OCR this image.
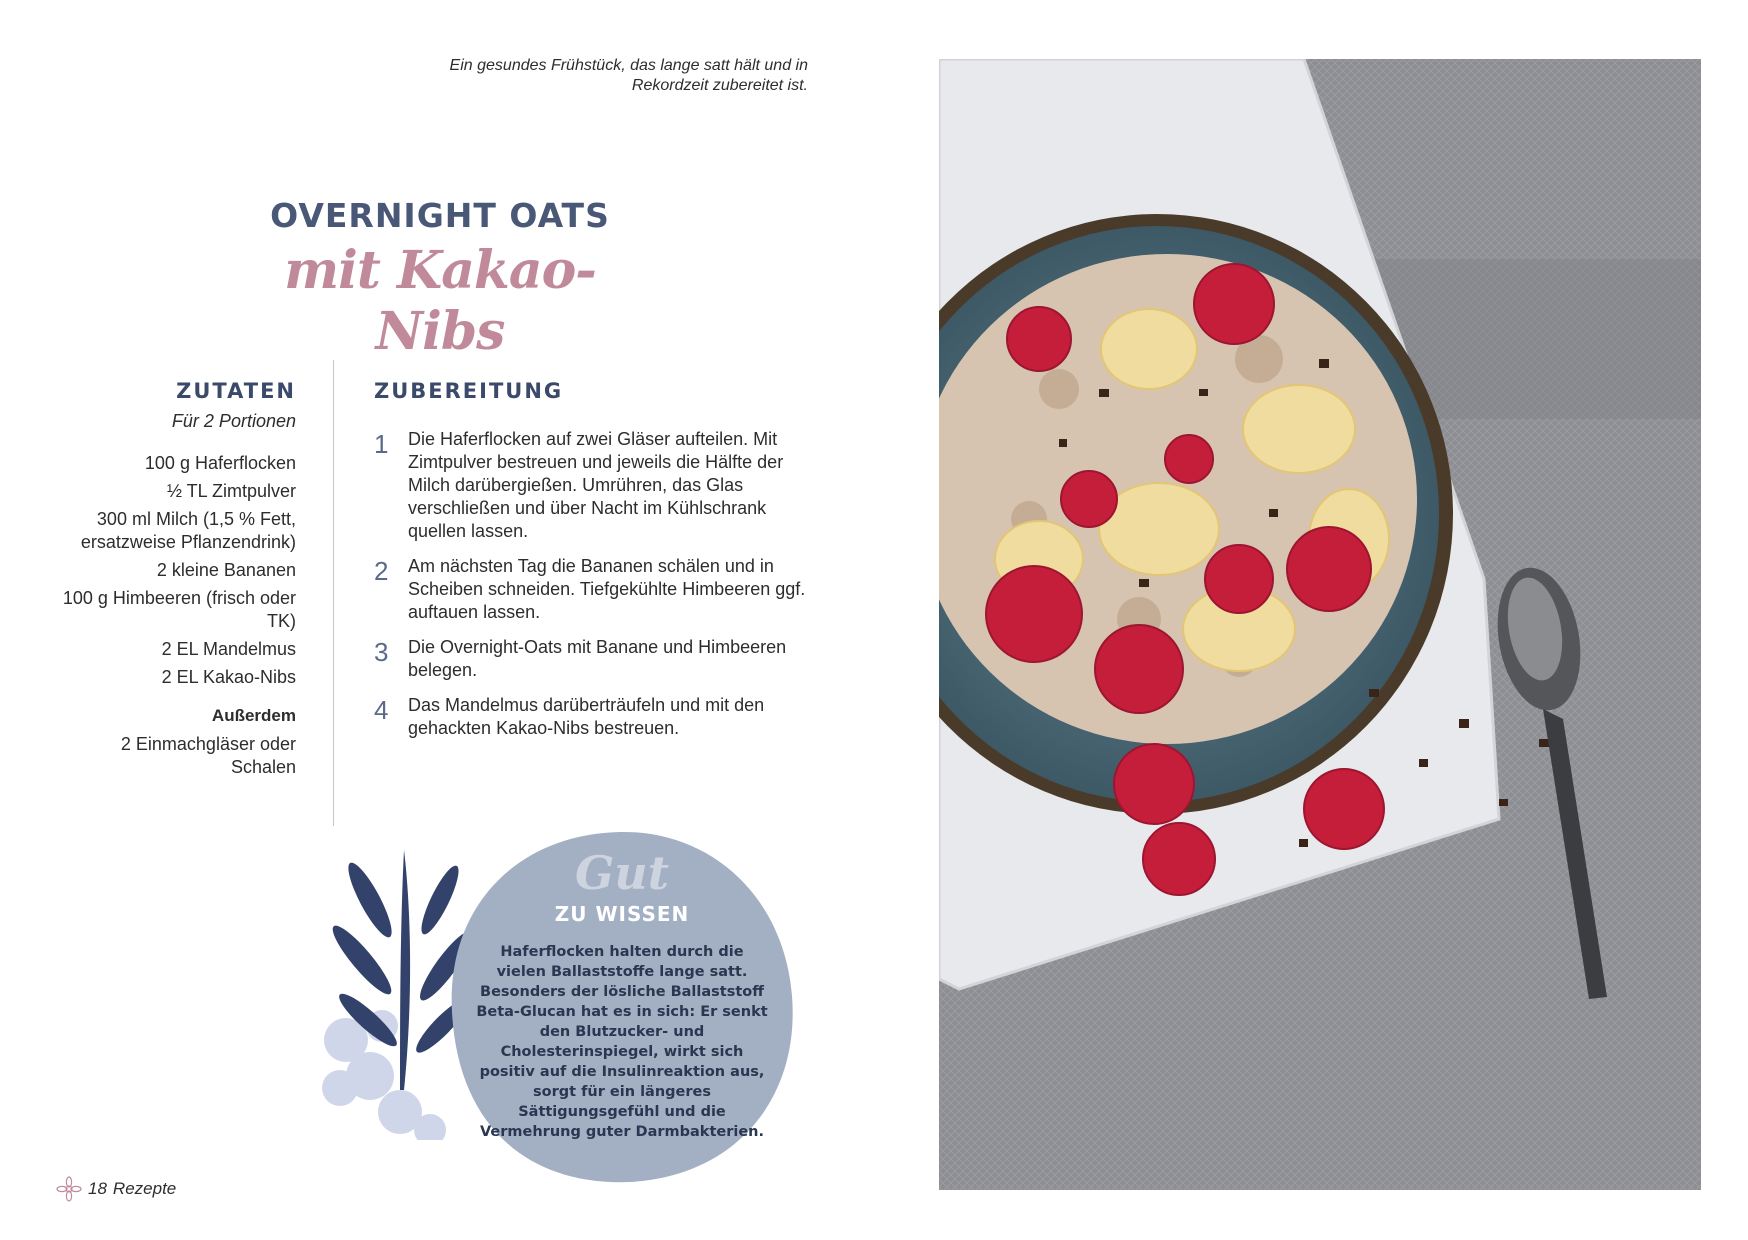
Ein gesundes Frühstück, das lange satt hält und in Rekordzeit zubereitet ist.
OVERNIGHT OATS
mit Kakao-Nibs
ZUTATEN
Für 2 Portionen
100 g Haferflocken
½ TL Zimtpulver
300 ml Milch (1,5 % Fett, ersatzweise Pflanzendrink)
2 kleine Bananen
100 g Himbeeren (frisch oder TK)
2 EL Mandelmus
2 EL Kakao-Nibs
Außerdem
2 Einmachgläser oder Schalen
ZUBEREITUNG
1	Die Haferflocken auf zwei Gläser aufteilen. Mit Zimtpulver bestreuen und jeweils die Hälfte der Milch darübergießen. Umrühren, das Glas verschließen und über Nacht im Kühlschrank quellen lassen.
2	Am nächsten Tag die Bananen schälen und in Scheiben schneiden. Tiefgekühlte Himbeeren ggf. auftauen lassen.
3	Die Overnight-Oats mit Banane und Himbeeren belegen.
4	Das Mandelmus darüberträufeln und mit den gehackten Kakao-Nibs bestreuen.
Gut
ZU WISSEN
Haferflocken halten durch die vielen Ballaststoffe lange satt. Besonders der lösliche Ballaststoff Beta-Glucan hat es in sich: Er senkt den Blutzucker- und Cholesterinspiegel, wirkt sich positiv auf die Insulinreaktion aus, sorgt für ein längeres Sättigungsgefühl und die Vermehrung guter Darmbakterien.
18 Rezepte
